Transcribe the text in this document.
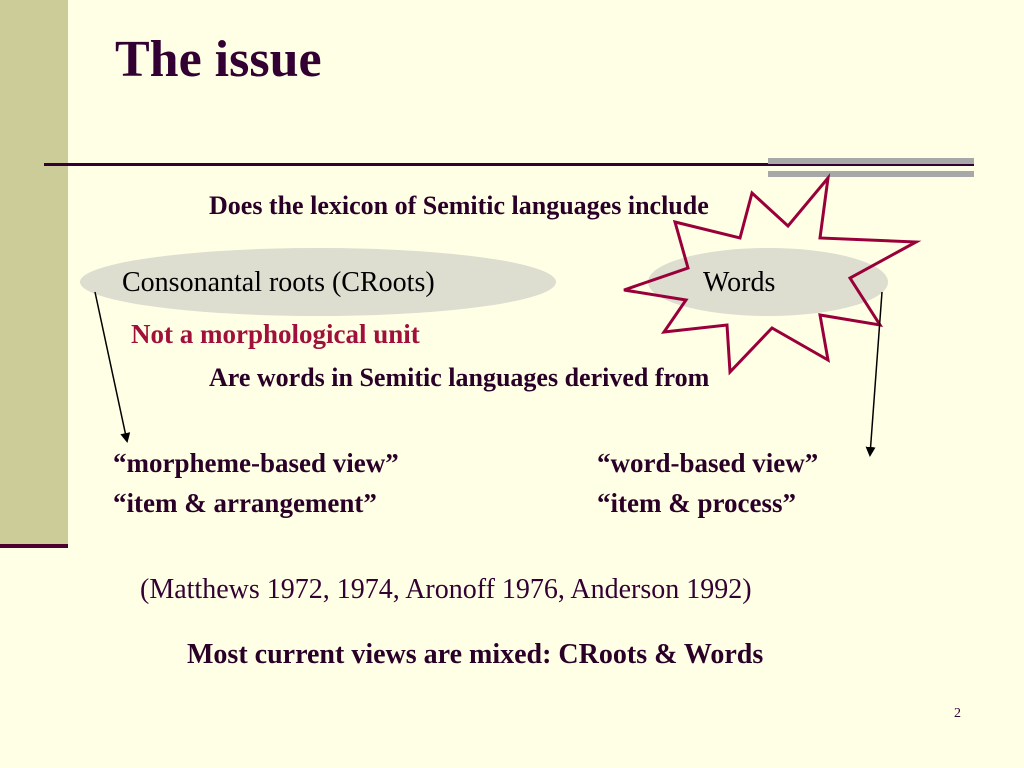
The issue
Does the lexicon of Semitic languages include
Consonantal roots (CRoots)	Words
Not a morphological unit
Are words in Semitic languages derived from
“morpheme-based view”
“item & arrangement”
“word-based view”
“item & process”
(Matthews 1972, 1974, Aronoff 1976, Anderson 1992)
Most current views are mixed: CRoots & Words
2
